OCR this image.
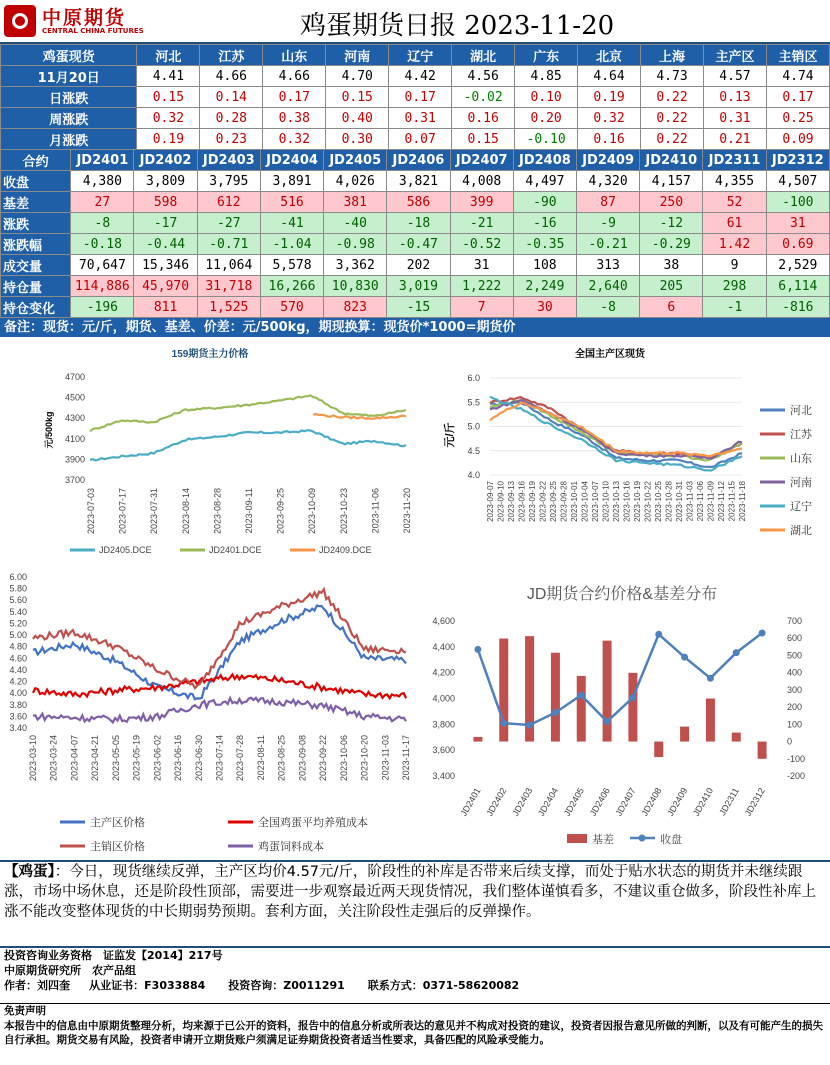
中原期货
CENTRAL CHINA FUTURES	鸡蛋期货日报 2023-11-20
鸡蛋现货	河北	江苏	山东	河南	辽宁	湖北	广东	北京	上海	主产区	主销区
11月20日	4.41	4.66	4.66	4.70	4.42	4.56	4.85	4.64	4.73	4.57	4.74
日涨跌	0.15	0.14	0.17	0.15	0.17	-0.02	0.10	0.19	0.22	0.13	0.17
周涨跌	0.32	0.28	0.38	0.40	0.31	0.16	0.20	0.32	0.22	0.31	0.25
月涨跌	0.19	0.23	0.32	0.30	0.07	0.15	-0.10	0.16	0.22	0.21	0.09
合约	JD2401	JD2402	JD2403	JD2404	JD2405	JD2406	JD2407	JD2408	JD2409	JD2410	JD2311	JD2312
收盘	4,380	3,809	3,795	3,891	4,026	3,821	4,008	4,497	4,320	4,157	4,355	4,507
基差	27	598	612	516	381	586	399	-90	87	250	52	-100
涨跌	-8	-17	-27	-41	-40	-18	-21	-16	-9	-12	61	31
涨跌幅	-0.18	-0.44	-0.71	-1.04	-0.98	-0.47	-0.52	-0.35	-0.21	-0.29	1.42	0.69
成交量	70,647	15,346	11,064	5,578	3,362	202	31	108	313	38	9	2,529
持仓量	114,886	45,970	31,718	16,266	10,830	3,019	1,222	2,249	2,640	205	298	6,114
持仓变化	-196	811	1,525	570	823	-15	7	30	-8	6	-1	-816
备注：现货：元/斤，期货、基差、价差：元/500kg，期现换算：现货价*1000=期货价
159期货主力价格
3700
3900
4100
4300
4500
4700
元/500kg
2023-07-03 2023-07-17 2023-07-31 2023-08-14 2023-08-28 2023-09-11 2023-09-25 2023-10-09 2023-10-23 2023-11-06 2023-11-20
JD2405.DCE	JD2401.DCE	JD2409.DCE
全国主产区现货
4.0
4.5
5.0
5.5
6.0
元/斤
2023-09-07 2023-09-10 2023-09-13 2023-09-16 2023-09-19 2023-09-22 2023-09-25 2023-09-28 2023-10-01 2023-10-04 2023-10-07 2023-10-10 2023-10-13 2023-10-16 2023-10-19 2023-10-22 2023-10-25 2023-10-28 2023-10-31 2023-11-03 2023-11-06 2023-11-09 2023-11-12 2023-11-15 2023-11-18
河北
江苏
山东
河南
辽宁
湖北
3.40
3.60
3.80
4.00
4.20
4.40
4.60
4.80
5.00
5.20
5.40
5.60
5.80
6.00
2023-03-10 2023-03-24 2023-04-07 2023-04-21 2023-05-05 2023-05-19 2023-06-02 2023-06-16 2023-06-30 2023-07-14 2023-07-28 2023-08-11 2023-08-25 2023-09-08 2023-09-22 2023-10-06 2023-10-20 2023-11-03 2023-11-17
主产区价格	全国鸡蛋平均养殖成本
主销区价格	鸡蛋饲料成本
JD期货合约价格&基差分布
3,400
3,600
3,800
4,000
4,200
4,400
4,600
-200
-100
0
100
200
300
400
500
600
700
JD2401 JD2402 JD2403 JD2404 JD2405 JD2406 JD2407 JD2408 JD2409 JD2410 JD2311 JD2312
基差	收盘
【鸡蛋】：今日，现货继续反弹，主产区均价4.57元/斤，阶段性的补库是否带来后续支撑，而处于贴水状态的期货并未继续跟涨，市场中场休息，还是阶段性顶部，需要进一步观察最近两天现货情况，我们整体谨慎看多，不建议重仓做多，阶段性补库上涨不能改变整体现货的中长期弱势预期。套利方面，关注阶段性走强后的反弹操作。
投资咨询业务资格　证监发【2014】217号
中原期货研究所　农产品组
作者：刘四奎 从业证书：F3033884 投资咨询：Z0011291 联系方式：0371-58620082
免责声明
本报告中的信息由中原期货整理分析，均来源于已公开的资料，报告中的信息分析或所表达的意见并不构成对投资的建议，投资者因报告意见所做的判断，以及有可能产生的损失自行承担。期货交易有风险，投资者申请开立期货账户须满足证券期货投资者适当性要求，具备匹配的风险承受能力。
